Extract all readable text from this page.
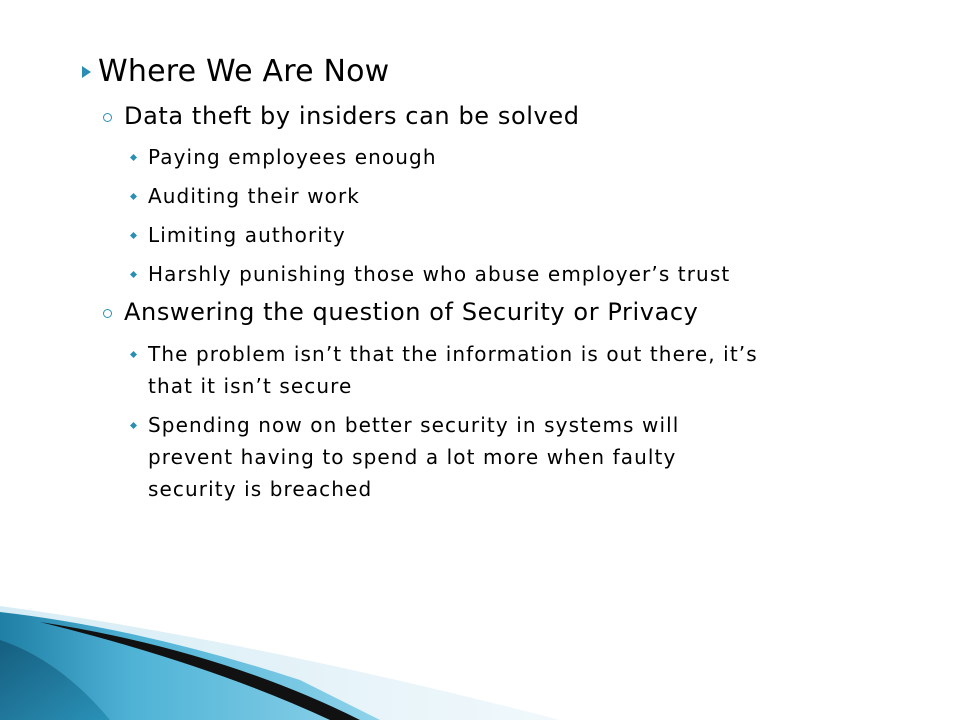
Where We Are Now
Data theft by insiders can be solved
Paying employees enough
Auditing their work
Limiting authority
Harshly punishing those who abuse employer’s trust
Answering the question of Security or Privacy
The problem isn’t that the information is out there, it’s
that it isn’t secure
Spending now on better security in systems will
prevent having to spend a lot more when faulty
security is breached
